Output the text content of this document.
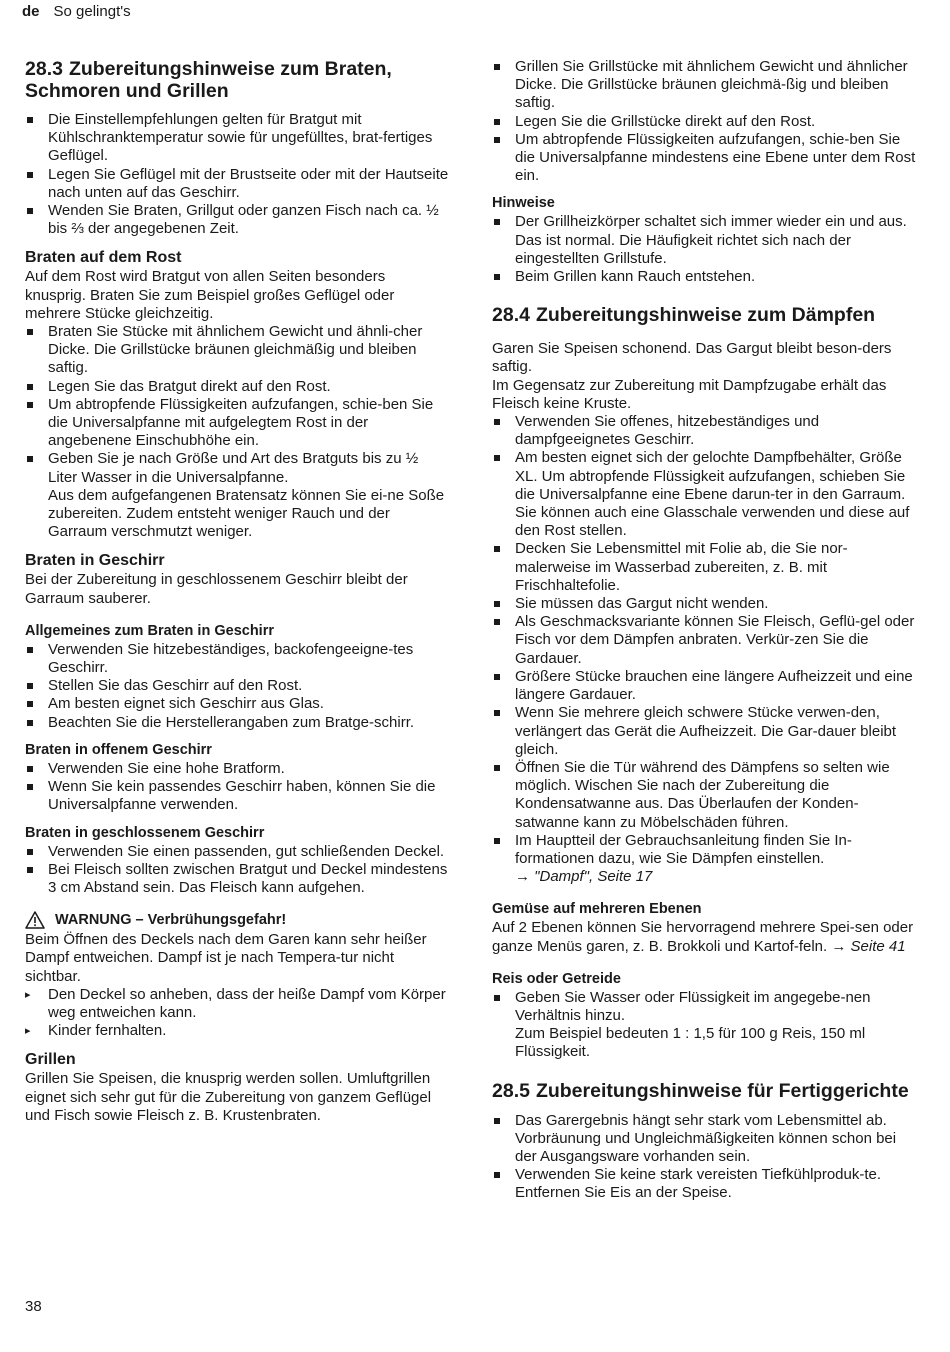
de So gelingt's
28.3 Zubereitungshinweise zum Braten, Schmoren und Grillen
Die Einstellempfehlungen gelten für Bratgut mit Kühlschranktemperatur sowie für ungefülltes, brat-fertiges Geflügel.
Legen Sie Geflügel mit der Brustseite oder mit der Hautseite nach unten auf das Geschirr.
Wenden Sie Braten, Grillgut oder ganzen Fisch nach ca. ½ bis ⅔ der angegebenen Zeit.
Braten auf dem Rost

Auf dem Rost wird Bratgut von allen Seiten besonders knusprig. Braten Sie zum Beispiel großes Geflügel oder mehrere Stücke gleichzeitig.

Braten Sie Stücke mit ähnlichem Gewicht und ähnli-cher Dicke. Die Grillstücke bräunen gleichmäßig und bleiben saftig.
Legen Sie das Bratgut direkt auf den Rost.
Um abtropfende Flüssigkeiten aufzufangen, schie-ben Sie die Universalpfanne mit aufgelegtem Rost in der angebenene Einschubhöhe ein.
Geben Sie je nach Größe und Art des Bratguts bis zu ½ Liter Wasser in die Universalpfanne.
Aus dem aufgefangenen Bratensatz können Sie ei-ne Soße zubereiten. Zudem entsteht weniger Rauch und der Garraum verschmutzt weniger.
Braten in Geschirr

Bei der Zubereitung in geschlossenem Geschirr bleibt der Garraum sauberer.

Allgemeines zum Braten in Geschirr
Verwenden Sie hitzebeständiges, backofengeeigne-tes Geschirr.
Stellen Sie das Geschirr auf den Rost.
Am besten eignet sich Geschirr aus Glas.
Beachten Sie die Herstellerangaben zum Bratge-schirr.
Braten in offenem Geschirr
Verwenden Sie eine hohe Bratform.
Wenn Sie kein passendes Geschirr haben, können Sie die Universalpfanne verwenden.
Braten in geschlossenem Geschirr
Verwenden Sie einen passenden, gut schließenden Deckel.
Bei Fleisch sollten zwischen Bratgut und Deckel mindestens 3 cm Abstand sein. Das Fleisch kann aufgehen.
WARNUNG – Verbrühungsgefahr!

Beim Öffnen des Deckels nach dem Garen kann sehr heißer Dampf entweichen. Dampf ist je nach Tempera-tur nicht sichtbar.

▸ Den Deckel so anheben, dass der heiße Dampf vom Körper weg entweichen kann.
▸ Kinder fernhalten.
Grillen

Grillen Sie Speisen, die knusprig werden sollen. Umluftgrillen eignet sich sehr gut für die Zubereitung von ganzem Geflügel und Fisch sowie Fleisch z. B. Krustenbraten.

Grillen Sie Grillstücke mit ähnlichem Gewicht und ähnlicher Dicke. Die Grillstücke bräunen gleichmä-ßig und bleiben saftig.
Legen Sie die Grillstücke direkt auf den Rost.
Um abtropfende Flüssigkeiten aufzufangen, schie-ben Sie die Universalpfanne mindestens eine Ebene unter dem Rost ein.
Hinweise
Der Grillheizkörper schaltet sich immer wieder ein und aus. Das ist normal. Die Häufigkeit richtet sich nach der eingestellten Grillstufe.
Beim Grillen kann Rauch entstehen.
28.4 Zubereitungshinweise zum Dämpfen

Garen Sie Speisen schonend. Das Gargut bleibt beson-ders saftig.

Im Gegensatz zur Zubereitung mit Dampfzugabe erhält das Fleisch keine Kruste.

Verwenden Sie offenes, hitzebeständiges und dampfgeeignetes Geschirr.
Am besten eignet sich der gelochte Dampfbehälter, Größe XL. Um abtropfende Flüssigkeit aufzufangen, schieben Sie die Universalpfanne eine Ebene darun-ter in den Garraum.
Sie können auch eine Glasschale verwenden und diese auf den Rost stellen.
Decken Sie Lebensmittel mit Folie ab, die Sie nor-malerweise im Wasserbad zubereiten, z. B. mit Frischhaltefolie.
Sie müssen das Gargut nicht wenden.
Als Geschmacksvariante können Sie Fleisch, Geflü-gel oder Fisch vor dem Dämpfen anbraten. Verkür-zen Sie die Gardauer.
Größere Stücke brauchen eine längere Aufheizzeit und eine längere Gardauer.
Wenn Sie mehrere gleich schwere Stücke verwen-den, verlängert das Gerät die Aufheizzeit. Die Gar-dauer bleibt gleich.
Öffnen Sie die Tür während des Dämpfens so selten wie möglich. Wischen Sie nach der Zubereitung die Kondensatwanne aus. Das Überlaufen der Konden-satwanne kann zu Möbelschäden führen.
Im Hauptteil der Gebrauchsanleitung finden Sie In-formationen dazu, wie Sie Dämpfen einstellen.
→ "Dampf", Seite 17
Gemüse auf mehreren Ebenen

Auf 2 Ebenen können Sie hervorragend mehrere Spei-sen oder ganze Menüs garen, z. B. Brokkoli und Kartof-feln. → Seite 41

Reis oder Getreide
Geben Sie Wasser oder Flüssigkeit im angegebe-nen Verhältnis hinzu.
Zum Beispiel bedeuten 1 : 1,5 für 100 g Reis, 150 ml Flüssigkeit.
28.5 Zubereitungshinweise für Fertiggerichte
Das Garergebnis hängt sehr stark vom Lebensmittel ab. Vorbräunung und Ungleichmäßigkeiten können schon bei der Ausgangsware vorhanden sein.
Verwenden Sie keine stark vereisten Tiefkühlproduk-te. Entfernen Sie Eis an der Speise.
38
